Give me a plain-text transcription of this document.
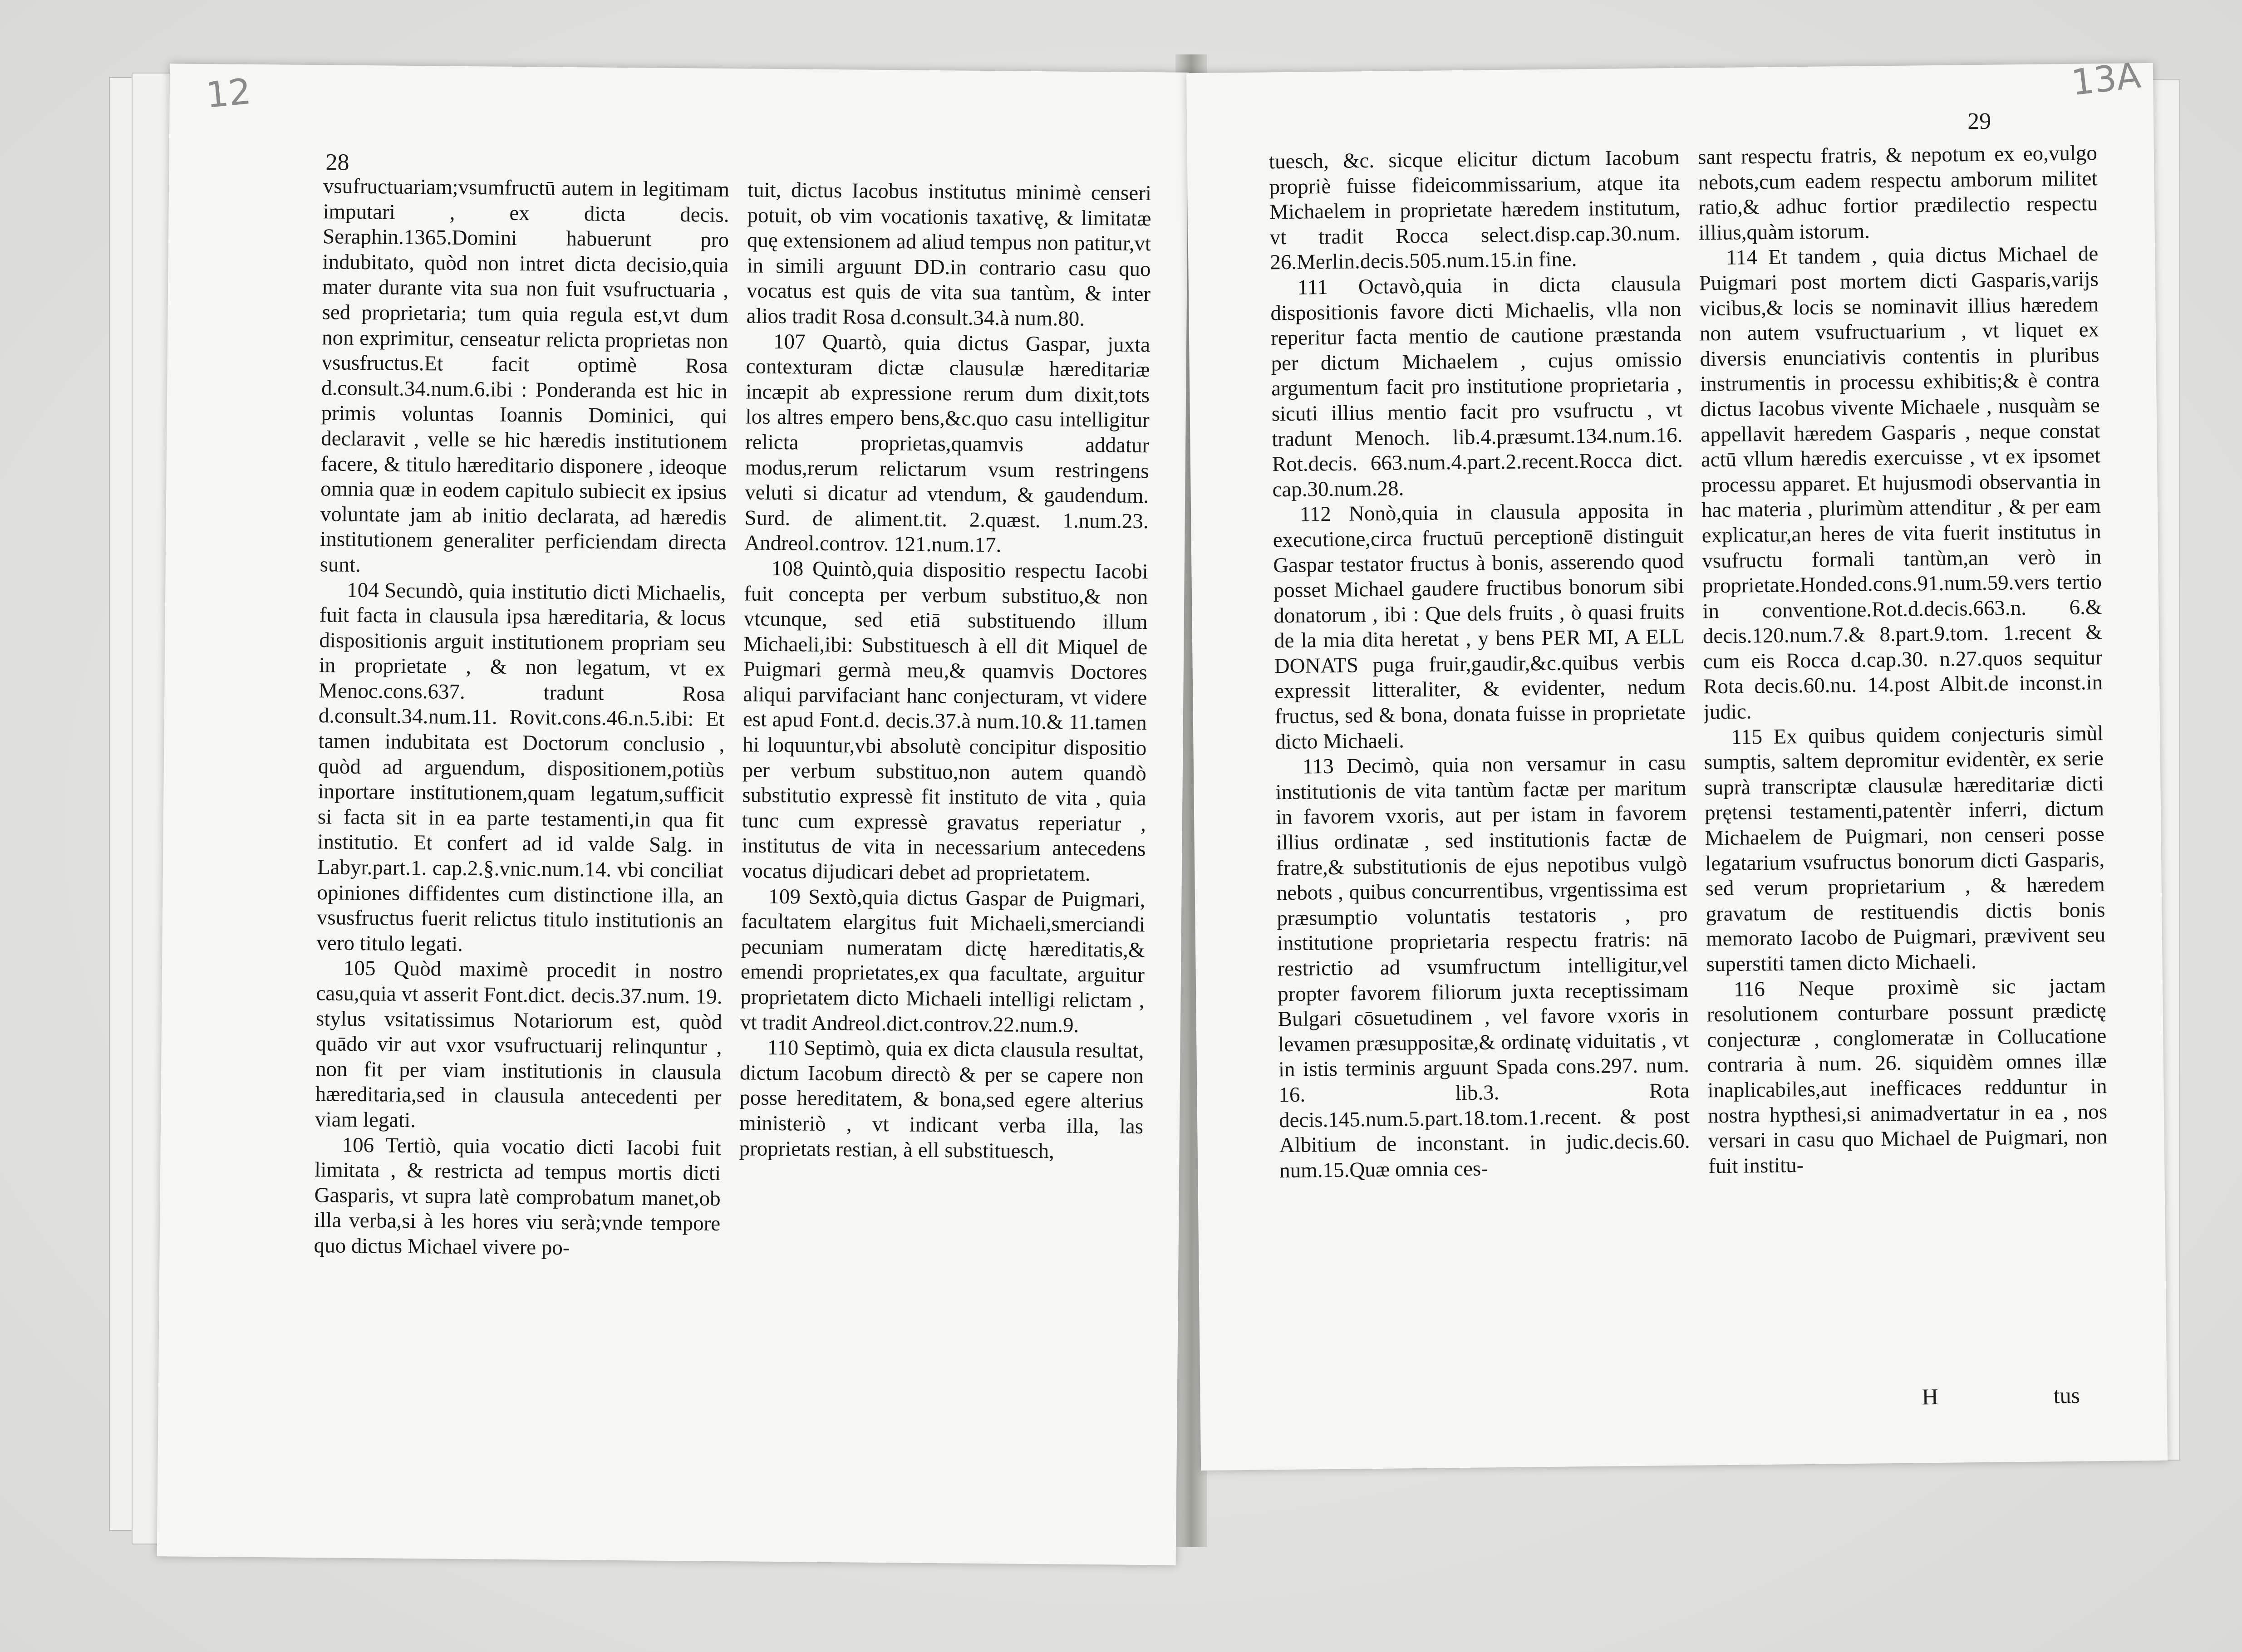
12
28

vsufructuariam;vsumfructū autem in legitimam imputari , ex dicta decis. Seraphin.1365.Domini habuerunt pro indubitato, quòd non intret dicta decisio,quia mater durante vita sua non fuit vsufructuaria , sed proprietaria; tum quia regula est,vt dum non exprimitur, censeatur relicta proprietas non vsusfructus.Et facit optimè Rosa d.consult.34.num.6.ibi : Ponderanda est hic in primis voluntas Ioannis Dominici, qui declaravit , velle se hic hæredis institutionem facere, & titulo hæreditario disponere , ideoque omnia quæ in eodem capitulo subiecit ex ipsius voluntate jam ab initio declarata, ad hæredis institutionem generaliter perficiendam directa sunt.

104 Secundò, quia institutio dicti Michaelis, fuit facta in clausula ipsa hæreditaria, & locus dispositionis arguit institutionem propriam seu in proprietate , & non legatum, vt ex Menoc.cons.637. tradunt Rosa d.consult.34.num.11. Rovit.cons.46.n.5.ibi: Et tamen indubitata est Doctorum conclusio , quòd ad arguendum, dispositionem,potiùs inportare institutionem,quam legatum,sufficit si facta sit in ea parte testamenti,in qua fit institutio. Et confert ad id valde Salg. in Labyr.part.1. cap.2.§.vnic.num.14. vbi conciliat opiniones diffidentes cum distinctione illa, an vsusfructus fuerit relictus titulo institutionis an vero titulo legati.

105 Quòd maximè procedit in nostro casu,quia vt asserit Font.dict. decis.37.num. 19. stylus vsitatissimus Notariorum est, quòd quādo vir aut vxor vsufructuarij relinquntur , non fit per viam institutionis in clausula hæreditaria,sed in clausula antecedenti per viam legati.

106 Tertiò, quia vocatio dicti Iacobi fuit limitata , & restricta ad tempus mortis dicti Gasparis, vt supra latè comprobatum manet,ob illa verba,si à les hores viu serà;vnde tempore quo dictus Michael vivere po-

tuit, dictus Iacobus institutus minimè censeri potuit, ob vim vocationis taxativę, & limitatæ quę extensionem ad aliud tempus non patitur,vt in simili arguunt DD.in contrario casu quo vocatus est quis de vita sua tantùm, & inter alios tradit Rosa d.consult.34.à num.80.

107 Quartò, quia dictus Gaspar, juxta contexturam dictæ clausulæ hæreditariæ incæpit ab expressione rerum dum dixit,tots los altres empero bens,&c.quo casu intelligitur relicta proprietas,quamvis addatur modus,rerum relictarum vsum restringens veluti si dicatur ad vtendum, & gaudendum. Surd. de aliment.tit. 2.quæst. 1.num.23. Andreol.controv. 121.num.17.

108 Quintò,quia dispositio respectu Iacobi fuit concepta per verbum substituo,& non vtcunque, sed etiā substituendo illum Michaeli,ibi: Substituesch à ell dit Miquel de Puigmari germà meu,& quamvis Doctores aliqui parvifaciant hanc conjecturam, vt videre est apud Font.d. decis.37.à num.10.& 11.tamen hi loquuntur,vbi absolutè concipitur dispositio per verbum substituo,non autem quandò substitutio expressè fit instituto de vita , quia tunc cum expressè gravatus reperiatur , institutus de vita in necessarium antecedens vocatus dijudicari debet ad proprietatem.

109 Sextò,quia dictus Gaspar de Puigmari, facultatem elargitus fuit Michaeli,smerciandi pecuniam numeratam dictę hæreditatis,& emendi proprietates,ex qua facultate, arguitur proprietatem dicto Michaeli intelligi relictam , vt tradit Andreol.dict.controv.22.num.9.

110 Septimò, quia ex dicta clausula resultat, dictum Iacobum directò & per se capere non posse hereditatem, & bona,sed egere alterius ministeriò , vt indicant verba illa, las proprietats restian, à ell substituesch,

13A
29

tuesch, &c. sicque elicitur dictum Iacobum propriè fuisse fideicommissarium, atque ita Michaelem in proprietate hæredem institutum, vt tradit Rocca select.disp.cap.30.num. 26.Merlin.decis.505.num.15.in fine.

111 Octavò,quia in dicta clausula dispositionis favore dicti Michaelis, vlla non reperitur facta mentio de cautione præstanda per dictum Michaelem , cujus omissio argumentum facit pro institutione proprietaria , sicuti illius mentio facit pro vsufructu , vt tradunt Menoch. lib.4.præsumt.134.num.16. Rot.decis. 663.num.4.part.2.recent.Rocca dict. cap.30.num.28.

112 Nonò,quia in clausula apposita in executione,circa fructuū perceptionē distinguit Gaspar testator fructus à bonis, asserendo quod posset Michael gaudere fructibus bonorum sibi donatorum , ibi : Que dels fruits , ò quasi fruits de la mia dita heretat , y bens PER MI, A ELL DONATS puga fruir,gaudir,&c.quibus verbis expressit litteraliter, & evidenter, nedum fructus, sed & bona, donata fuisse in proprietate dicto Michaeli.

113 Decimò, quia non versamur in casu institutionis de vita tantùm factæ per maritum in favorem vxoris, aut per istam in favorem illius ordinatæ , sed institutionis factæ de fratre,& substitutionis de ejus nepotibus vulgò nebots , quibus concurrentibus, vrgentissima est præsumptio voluntatis testatoris , pro institutione proprietaria respectu fratris: nā restrictio ad vsumfructum intelligitur,vel propter favorem filiorum juxta receptissimam Bulgari cōsuetudinem , vel favore vxoris in levamen præsuppositæ,& ordinatę viduitatis , vt in istis terminis arguunt Spada cons.297. num. 16. lib.3. Rota decis.145.num.5.part.18.tom.1.recent. & post Albitium de inconstant. in judic.decis.60. num.15.Quæ omnia ces-

sant respectu fratris, & nepotum ex eo,vulgo nebots,cum eadem respectu amborum militet ratio,& adhuc fortior prædilectio respectu illius,quàm istorum.

114 Et tandem , quia dictus Michael de Puigmari post mortem dicti Gasparis,varijs vicibus,& locis se nominavit illius hæredem non autem vsufructuarium , vt liquet ex diversis enunciativis contentis in pluribus instrumentis in processu exhibitis;& è contra dictus Iacobus vivente Michaele , nusquàm se appellavit hæredem Gasparis , neque constat actū vllum hæredis exercuisse , vt ex ipsomet processu apparet. Et hujusmodi observantia in hac materia , plurimùm attenditur , & per eam explicatur,an heres de vita fuerit institutus in vsufructu formali tantùm,an verò in proprietate.Honded.cons.91.num.59.vers tertio in conventione.Rot.d.decis.663.n. 6.& decis.120.num.7.& 8.part.9.tom. 1.recent & cum eis Rocca d.cap.30. n.27.quos sequitur Rota decis.60.nu. 14.post Albit.de inconst.in judic.

115 Ex quibus quidem conjecturis simùl sumptis, saltem depromitur evidentèr, ex serie suprà transcriptæ clausulæ hæreditariæ dicti prętensi testamenti,patentèr inferri, dictum Michaelem de Puigmari, non censeri posse legatarium vsufructus bonorum dicti Gasparis, sed verum proprietarium , & hæredem gravatum de restituendis dictis bonis memorato Iacobo de Puigmari, prævivent seu superstiti tamen dicto Michaeli.

116 Neque proximè sic jactam resolutionem conturbare possunt prædictę conjecturæ , conglomeratæ in Collucatione contraria à num. 26. siquidèm omnes illæ inaplicabiles,aut inefficaces redduntur in nostra hypthesi,si animadvertatur in ea , nos versari in casu quo Michael de Puigmari, non fuit institu-

H	tus
